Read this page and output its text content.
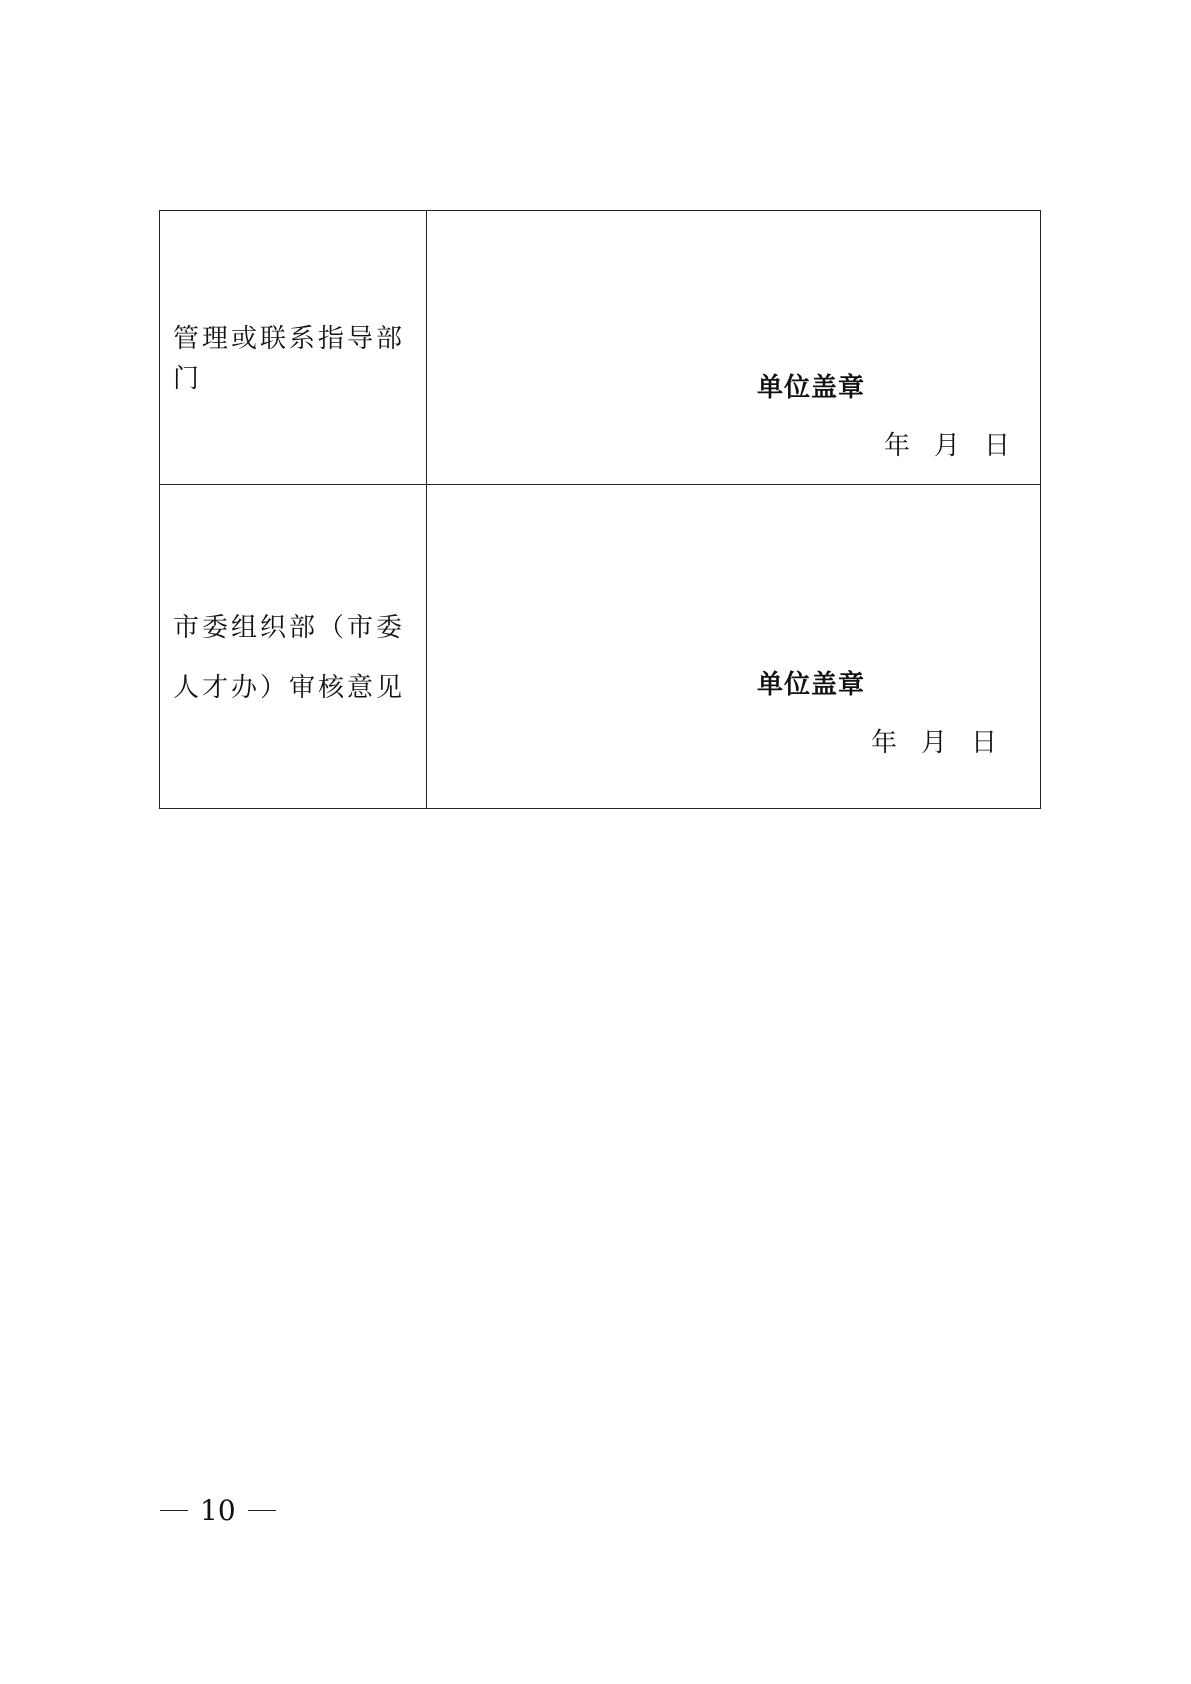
管理或联系指导部门	单位盖章
年 月 日

市委组织部（市委人才办）审核意见	单位盖章
年 月 日
10
